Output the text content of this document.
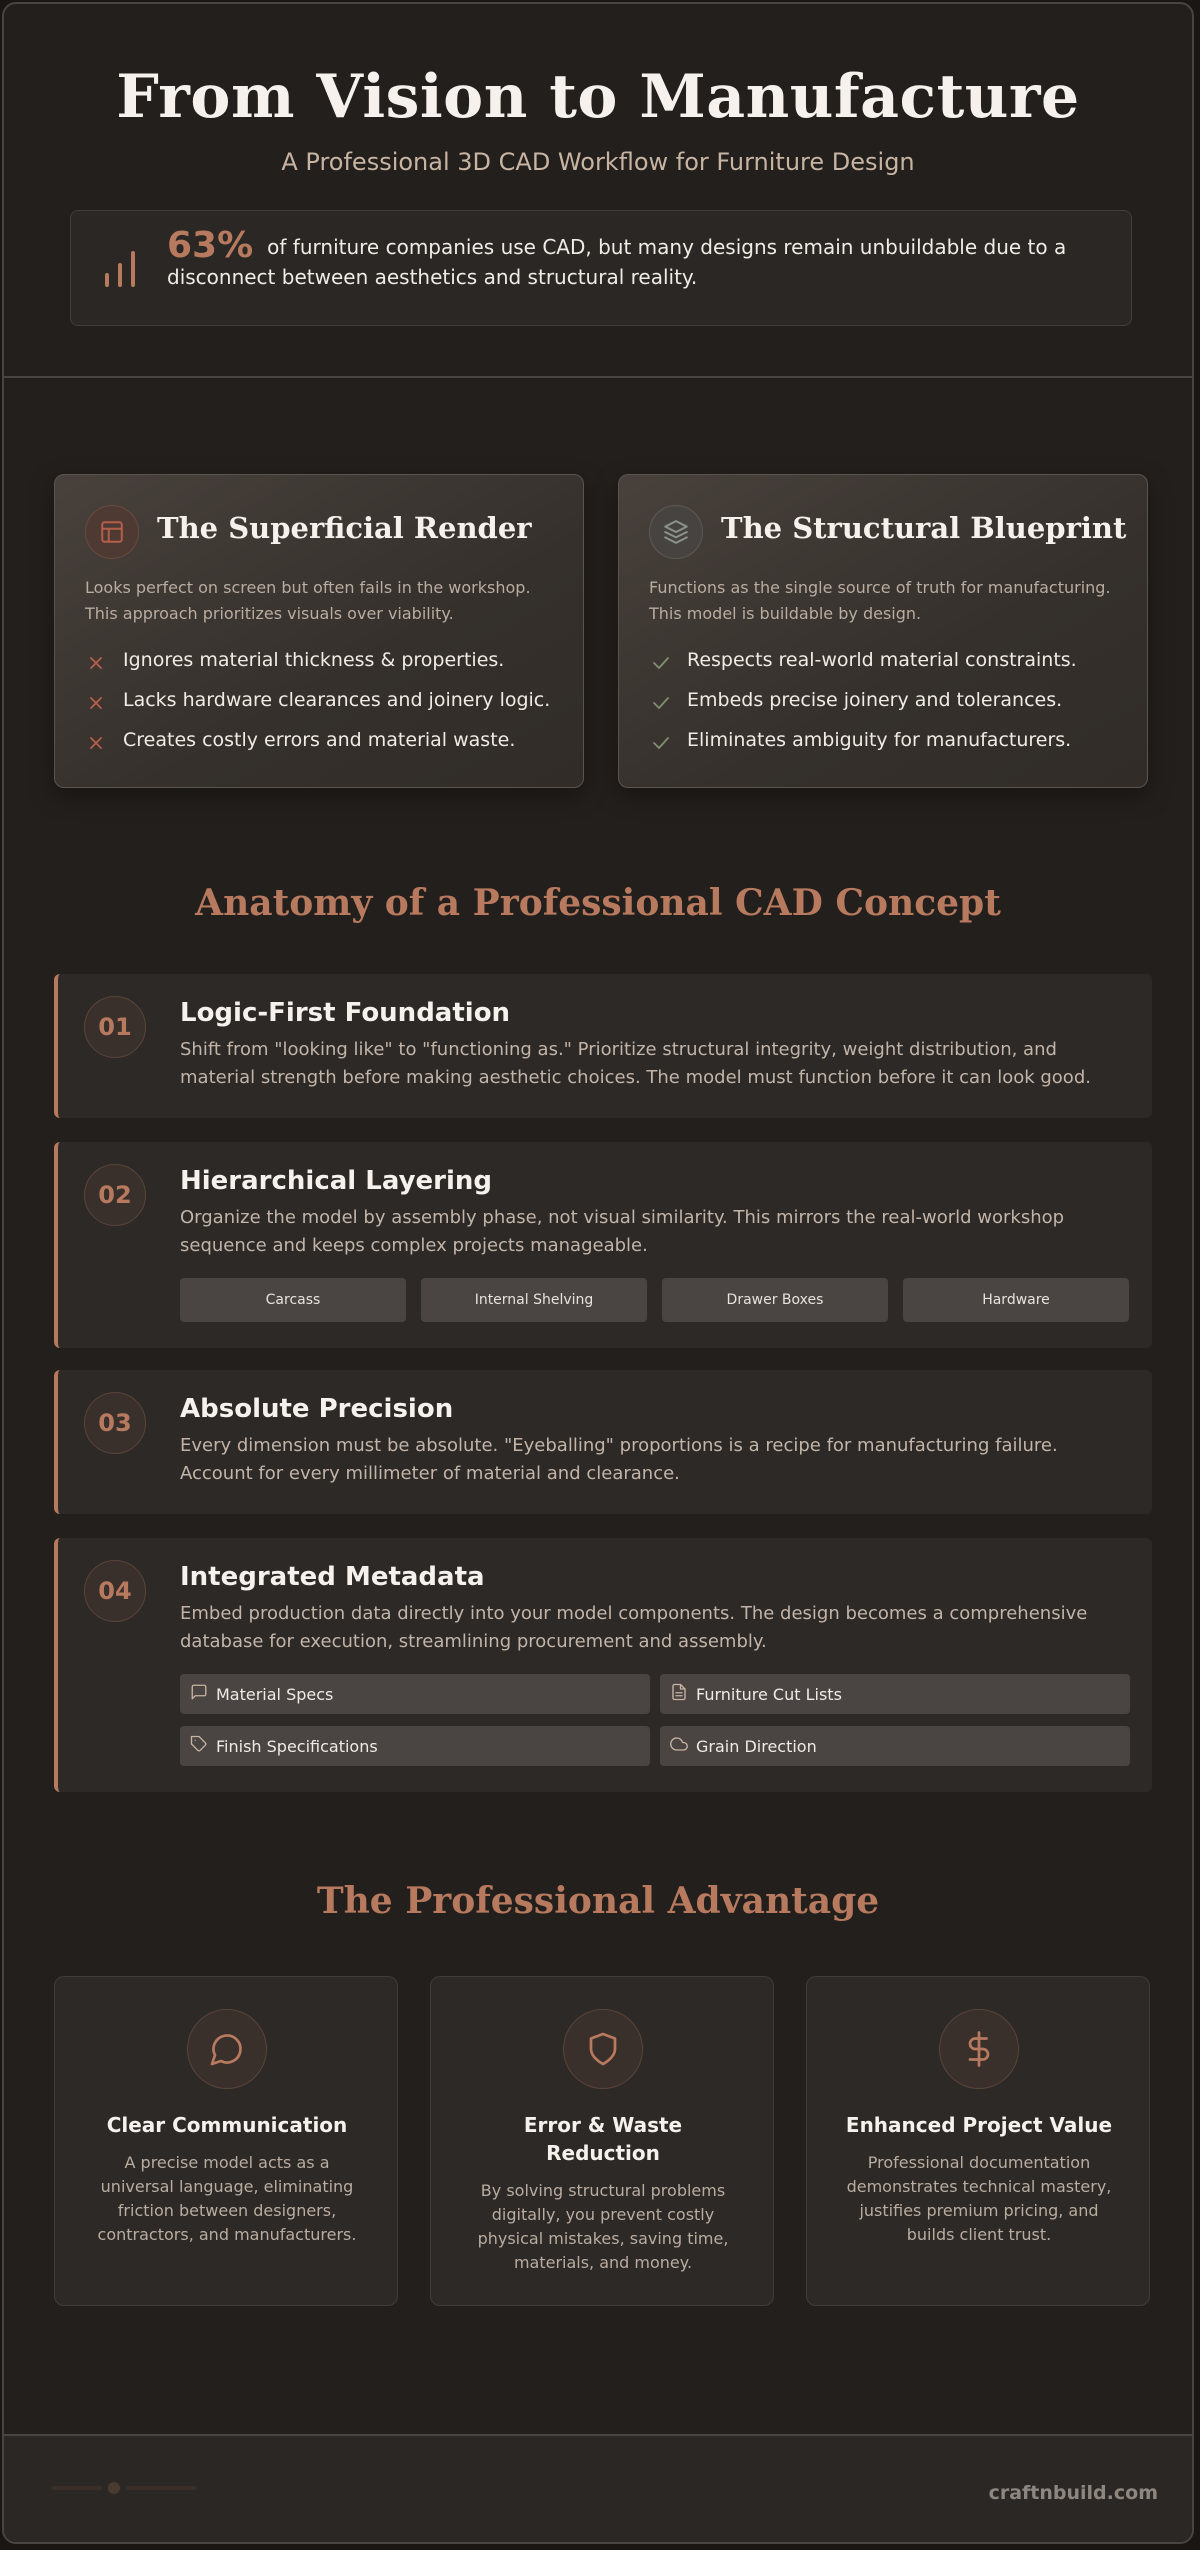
From Vision to Manufacture
A Professional 3D CAD Workflow for Furniture Design
63% of furniture companies use CAD, but many designs remain unbuildable due to a disconnect between aesthetics and structural reality.
The Superficial Render
Looks perfect on screen but often fails in the workshop. This approach prioritizes visuals over viability.
Ignores material thickness & properties.
Lacks hardware clearances and joinery logic.
Creates costly errors and material waste.
The Structural Blueprint
Functions as the single source of truth for manufacturing. This model is buildable by design.
Respects real-world material constraints.
Embeds precise joinery and tolerances.
Eliminates ambiguity for manufacturers.
Anatomy of a Professional CAD Concept
01	Logic-First Foundation
Shift from "looking like" to "functioning as." Prioritize structural integrity, weight distribution, and material strength before making aesthetic choices. The model must function before it can look good.
02	Hierarchical Layering
Organize the model by assembly phase, not visual similarity. This mirrors the real-world workshop sequence and keeps complex projects manageable.
Carcass	Internal Shelving	Drawer Boxes	Hardware
03	Absolute Precision
Every dimension must be absolute. "Eyeballing" proportions is a recipe for manufacturing failure. Account for every millimeter of material and clearance.
04	Integrated Metadata
Embed production data directly into your model components. The design becomes a comprehensive database for execution, streamlining procurement and assembly.
Material Specs	Furniture Cut Lists
Finish Specifications	Grain Direction
The Professional Advantage
Clear Communication
A precise model acts as a universal language, eliminating friction between designers, contractors, and manufacturers.
Error & Waste Reduction
By solving structural problems digitally, you prevent costly physical mistakes, saving time, materials, and money.
Enhanced Project Value
Professional documentation demonstrates technical mastery, justifies premium pricing, and builds client trust.
craftnbuild.com
